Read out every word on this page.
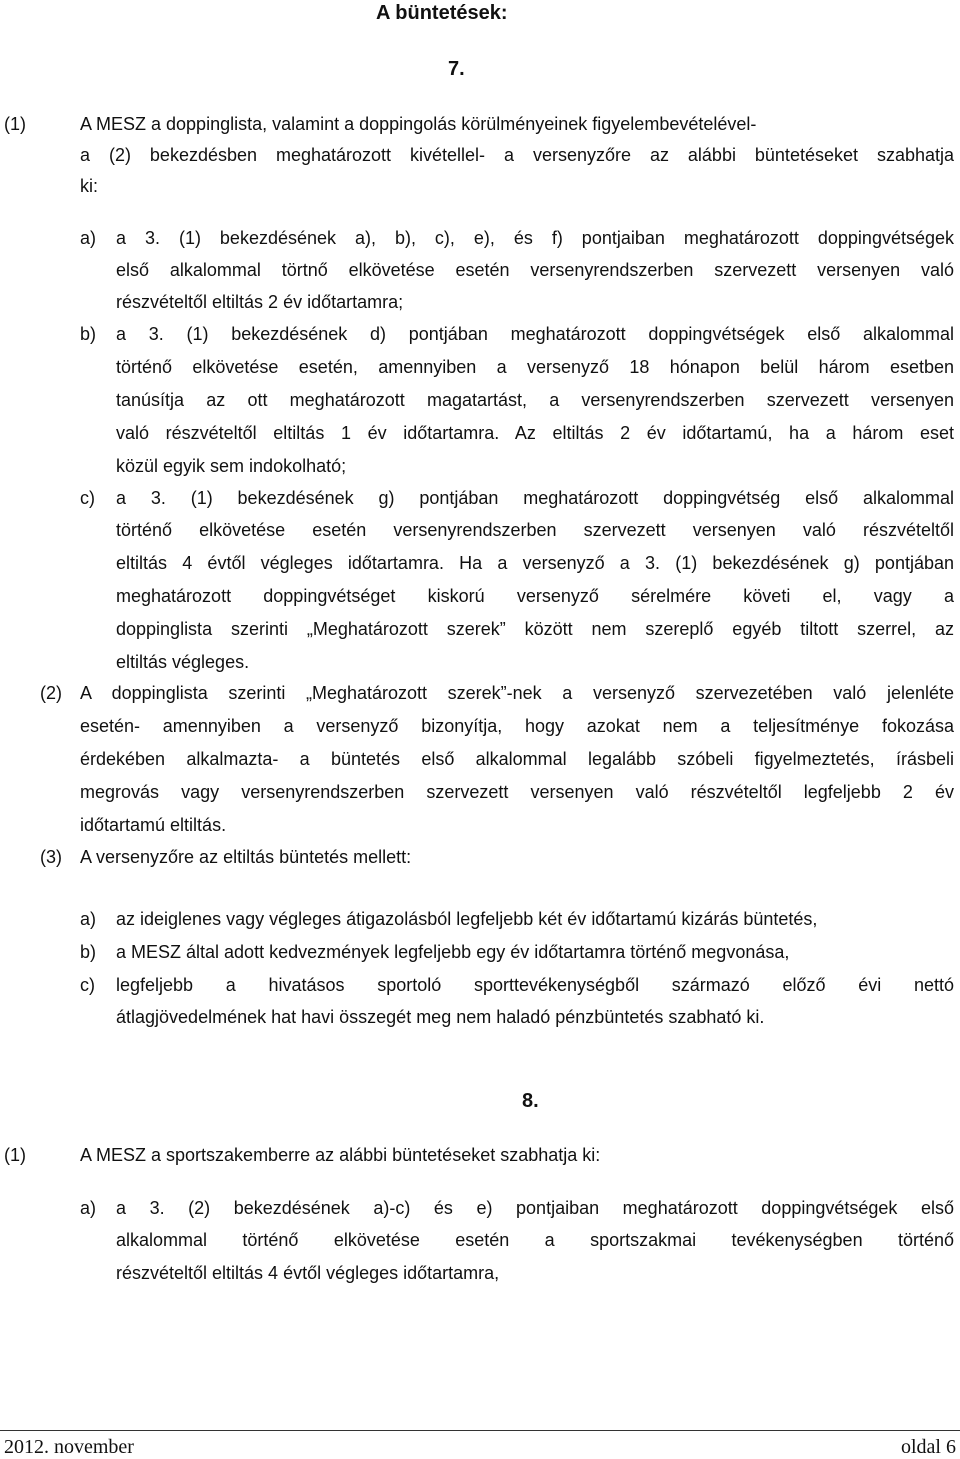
A büntetések:
7.
(1)	A MESZ a doppinglista, valamint a doppingolás körülményeinek figyelembevételével-
a (2) bekezdésben meghatározott kivétellel- a versenyzőre az alábbi büntetéseket szabhatja
ki:
a) a 3. (1) bekezdésének a), b), c), e), és f) pontjaiban meghatározott doppingvétségek
első alkalommal törtnő elkövetése esetén versenyrendszerben szervezett versenyen való
részvételtől eltiltás 2 év időtartamra;
b) a 3. (1) bekezdésének d) pontjában meghatározott doppingvétségek első alkalommal
történő elkövetése esetén, amennyiben a versenyző 18 hónapon belül három esetben
tanúsítja az ott meghatározott magatartást, a versenyrendszerben szervezett versenyen
való részvételtől eltiltás 1 év időtartamra. Az eltiltás 2 év időtartamú, ha a három eset
közül egyik sem indokolható;
c) a 3. (1) bekezdésének g) pontjában meghatározott doppingvétség első alkalommal
történő elkövetése esetén versenyrendszerben szervezett versenyen való részvételtől
eltiltás 4 évtől végleges időtartamra. Ha a versenyző a 3. (1) bekezdésének g) pontjában
meghatározott doppingvétséget kiskorú versenyző sérelmére követi el, vagy a
doppinglista szerinti „Meghatározott szerek” között nem szereplő egyéb tiltott szerrel, az
eltiltás végleges.
(2) A doppinglista szerinti „Meghatározott szerek”-nek a versenyző szervezetében való jelenléte
esetén- amennyiben a versenyző bizonyítja, hogy azokat nem a teljesítménye fokozása
érdekében alkalmazta- a büntetés első alkalommal legalább szóbeli figyelmeztetés, írásbeli
megrovás vagy versenyrendszerben szervezett versenyen való részvételtől legfeljebb 2 év
időtartamú eltiltás.
(3) A versenyzőre az eltiltás büntetés mellett:
a) az ideiglenes vagy végleges átigazolásból legfeljebb két év időtartamú kizárás büntetés,
b) a MESZ által adott kedvezmények legfeljebb egy év időtartamra történő megvonása,
c) legfeljebb a hivatásos sportoló sporttevékenységből származó előző évi nettó
átlagjövedelmének hat havi összegét meg nem haladó pénzbüntetés szabható ki.
8.
(1)	A MESZ a sportszakemberre az alábbi büntetéseket szabhatja ki:
a) a 3. (2) bekezdésének a)-c) és e) pontjaiban meghatározott doppingvétségek első
alkalommal történő elkövetése esetén a sportszakmai tevékenységben történő
részvételtől eltiltás 4 évtől végleges időtartamra,
2012. november	oldal 6
